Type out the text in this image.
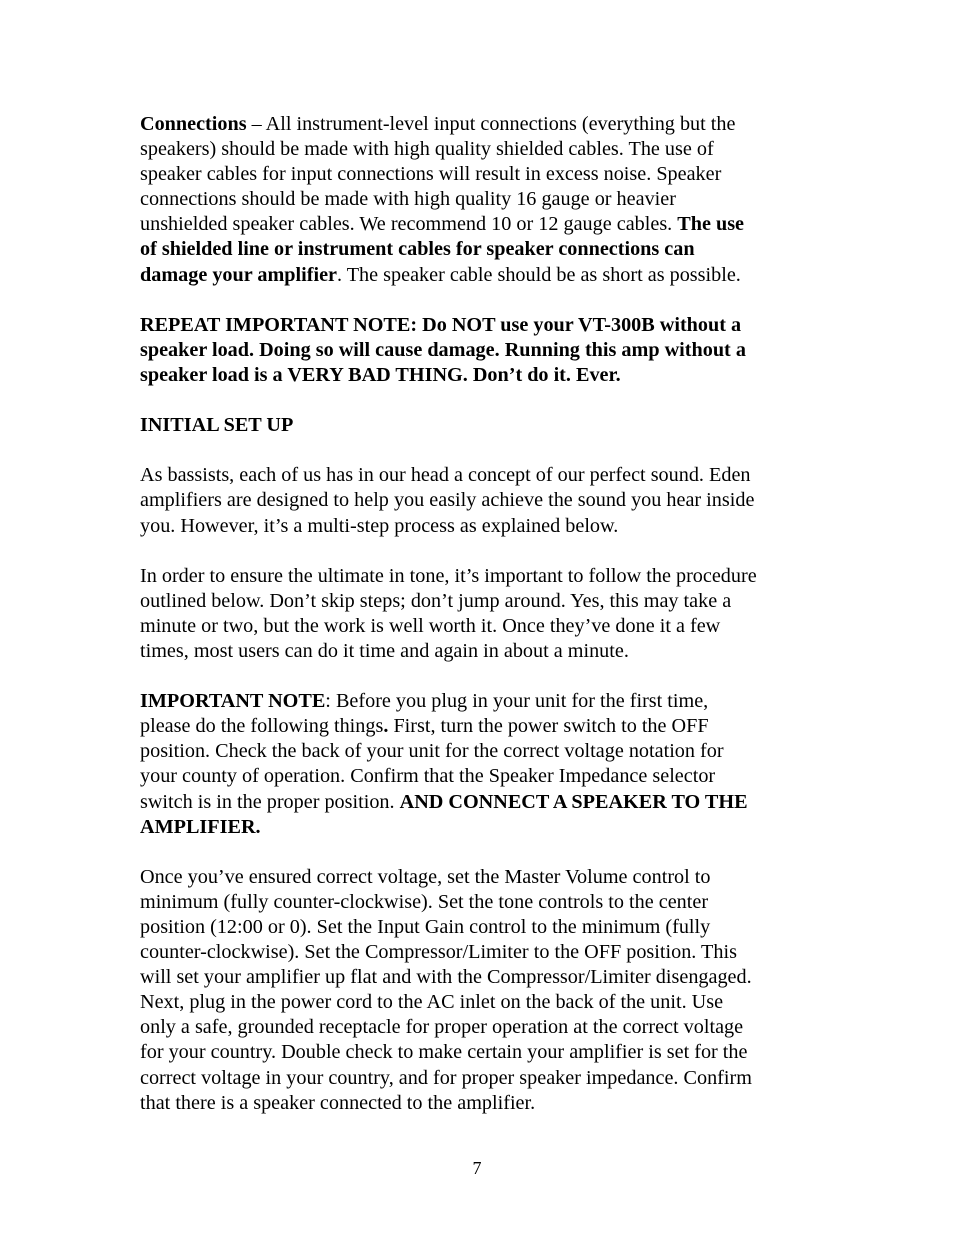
Connections – All instrument-level input connections (everything but the
speakers) should be made with high quality shielded cables. The use of
speaker cables for input connections will result in excess noise. Speaker
connections should be made with high quality 16 gauge or heavier
unshielded speaker cables. We recommend 10 or 12 gauge cables. The use
of shielded line or instrument cables for speaker connections can
damage your amplifier. The speaker cable should be as short as possible.

REPEAT IMPORTANT NOTE: Do NOT use your VT-300B without a
speaker load. Doing so will cause damage. Running this amp without a
speaker load is a VERY BAD THING. Don’t do it. Ever.

INITIAL SET UP

As bassists, each of us has in our head a concept of our perfect sound. Eden
amplifiers are designed to help you easily achieve the sound you hear inside
you. However, it’s a multi-step process as explained below.

In order to ensure the ultimate in tone, it’s important to follow the procedure
outlined below. Don’t skip steps; don’t jump around. Yes, this may take a
minute or two, but the work is well worth it. Once they’ve done it a few
times, most users can do it time and again in about a minute.

IMPORTANT NOTE: Before you plug in your unit for the first time,
please do the following things. First, turn the power switch to the OFF
position. Check the back of your unit for the correct voltage notation for
your county of operation. Confirm that the Speaker Impedance selector
switch is in the proper position. AND CONNECT A SPEAKER TO THE
AMPLIFIER.

Once you’ve ensured correct voltage, set the Master Volume control to
minimum (fully counter-clockwise). Set the tone controls to the center
position (12:00 or 0). Set the Input Gain control to the minimum (fully
counter-clockwise). Set the Compressor/Limiter to the OFF position. This
will set your amplifier up flat and with the Compressor/Limiter disengaged.
Next, plug in the power cord to the AC inlet on the back of the unit. Use
only a safe, grounded receptacle for proper operation at the correct voltage
for your country. Double check to make certain your amplifier is set for the
correct voltage in your country, and for proper speaker impedance. Confirm
that there is a speaker connected to the amplifier.

7
